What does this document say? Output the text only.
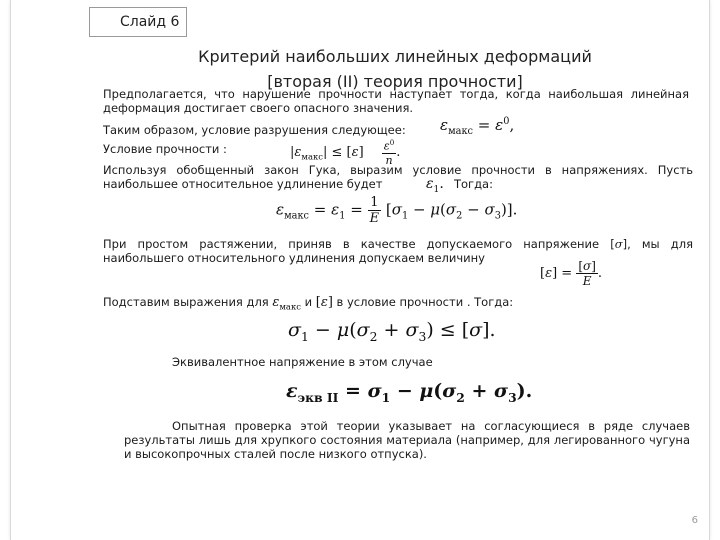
Слайд 6
Критерий наибольших линейных деформаций
[вторая (II) теория прочности]
Предполагается, что нарушение прочности наступает тогда, когда наибольшая линейная деформация достигает своего опасного значения.
Таким образом, условие разрушения следующее: $\varepsilon_{макс} = \varepsilon^0$,
Условие прочности :	$|\varepsilon_{макс}| \le [\varepsilon] \frac{\varepsilon^0}{n}$ .
Используя обобщенный закон Гука, выразим условие прочности в напряжениях. Пусть наибольшее относительное удлинение будет	$\varepsilon_1$. Тогда:
$\varepsilon_{макс} = \varepsilon_1 = \frac{1}{E} [\sigma_1 - \mu(\sigma_2 - \sigma_3)]$.
При простом растяжении, приняв в качестве допускаемого напряжение [σ], мы для наибольшего относительного удлинения допускаем величину
$[\varepsilon] = \frac{[\sigma]}{E}$ .
Подставим выражения для $\varepsilon_{макс}$ и [ε] в условие прочности . Тогда:
$\sigma_1 - \mu(\sigma_2 + \sigma_3) \le [\sigma]$.
Эквивалентное напряжение в этом случае
$\varepsilon_{экв II} = \sigma_1 - \mu(\sigma_2 + \sigma_3)$.
Опытная проверка этой теории указывает на согласующиеся в ряде случаев результаты лишь для хрупкого состояния материала (например, для легированного чугуна и высокопрочных сталей после низкого отпуска).
6
